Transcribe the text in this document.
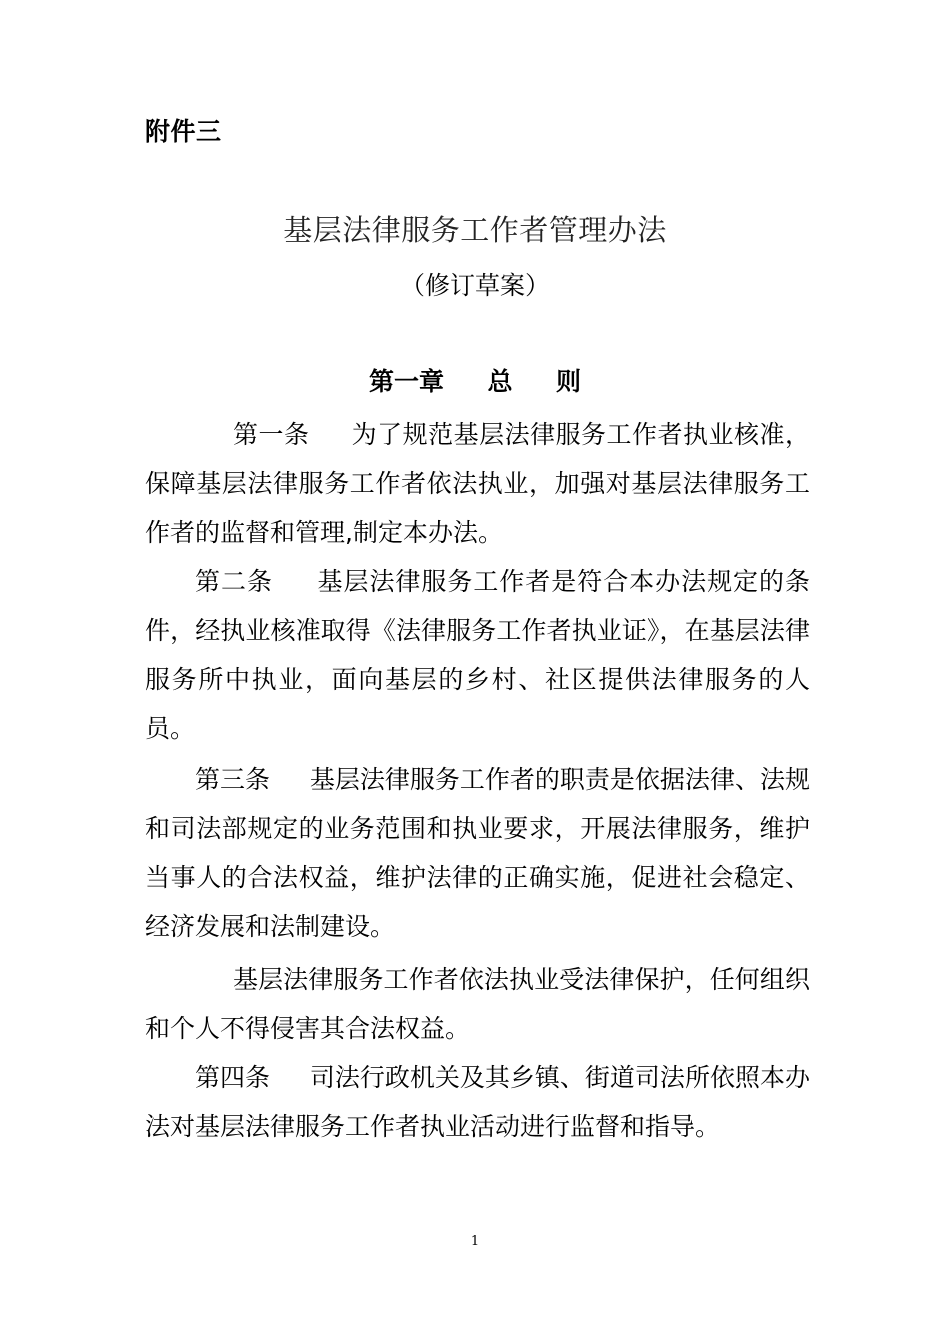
附件三
基层法律服务工作者管理办法
（修订草案）
第一章     总     则
第一条 为了规范基层法律服务工作者执业核准，保障基层法律服务工作者依法执业，加强对基层法律服务工作者的监督和管理,制定本办法。
第二条 基层法律服务工作者是符合本办法规定的条件，经执业核准取得《法律服务工作者执业证》，在基层法律服务所中执业，面向基层的乡村、社区提供法律服务的人员。
第三条 基层法律服务工作者的职责是依据法律、法规和司法部规定的业务范围和执业要求，开展法律服务，维护当事人的合法权益，维护法律的正确实施，促进社会稳定、经济发展和法制建设。
基层法律服务工作者依法执业受法律保护，任何组织和个人不得侵害其合法权益。
第四条 司法行政机关及其乡镇、街道司法所依照本办法对基层法律服务工作者执业活动进行监督和指导。
1
